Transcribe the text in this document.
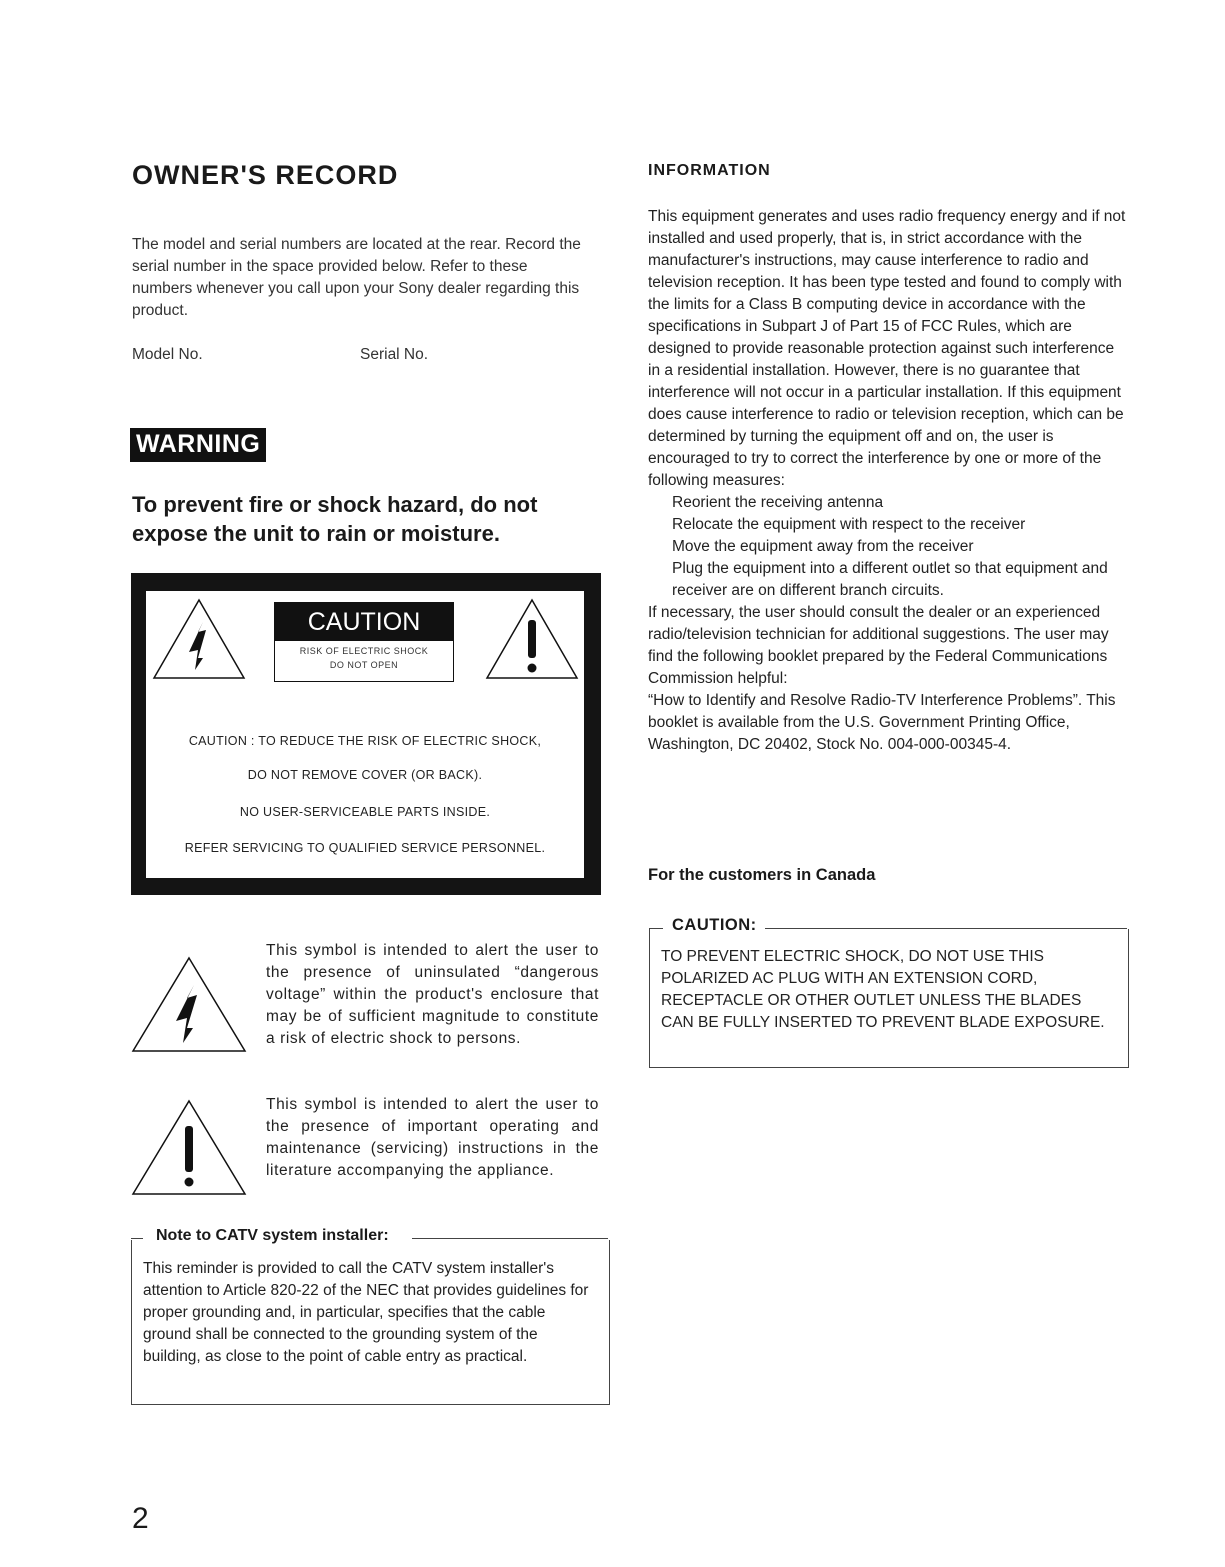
OWNER'S RECORD
The model and serial numbers are located at the rear. Record the serial number in the space provided below. Refer to these numbers whenever you call upon your Sony dealer regarding this product.
Model No.	Serial No.
WARNING
To prevent fire or shock hazard, do not expose the unit to rain or moisture.
CAUTION
RISK OF ELECTRIC SHOCK
DO NOT OPEN
CAUTION : TO REDUCE THE RISK OF ELECTRIC SHOCK,
DO NOT REMOVE COVER (OR BACK).
NO USER-SERVICEABLE PARTS INSIDE.
REFER SERVICING TO QUALIFIED SERVICE PERSONNEL.
This symbol is intended to alert the user to the presence of uninsulated “dangerous voltage” within the product's enclosure that may be of sufficient magnitude to constitute a risk of electric shock to persons.
This symbol is intended to alert the user to the presence of important operating and maintenance (servicing) instructions in the literature accompanying the appliance.
Note to CATV system installer:
This reminder is provided to call the CATV system installer's attention to Article 820-22 of the NEC that provides guidelines for proper grounding and, in particular, specifies that the cable ground shall be connected to the grounding system of the building, as close to the point of cable entry as practical.
2
INFORMATION
This equipment generates and uses radio frequency energy and if not installed and used properly, that is, in strict accordance with the manufacturer's instructions, may cause interference to radio and television reception. It has been type tested and found to comply with the limits for a Class B computing device in accordance with the specifications in Subpart J of Part 15 of FCC Rules, which are designed to provide reasonable protection against such interference in a residential installation. However, there is no guarantee that interference will not occur in a particular installation. If this equipment does cause interference to radio or television reception, which can be determined by turning the equipment off and on, the user is encouraged to try to correct the interference by one or more of the following measures:
Reorient the receiving antenna
Relocate the equipment with respect to the receiver
Move the equipment away from the receiver
Plug the equipment into a different outlet so that equipment and receiver are on different branch circuits.
If necessary, the user should consult the dealer or an experienced radio/television technician for additional suggestions. The user may find the following booklet prepared by the Federal Communications Commission helpful:
“How to Identify and Resolve Radio-TV Interference Problems”. This booklet is available from the U.S. Government Printing Office, Washington, DC 20402, Stock No. 004-000-00345-4.
For the customers in Canada
CAUTION:
TO PREVENT ELECTRIC SHOCK, DO NOT USE THIS POLARIZED AC PLUG WITH AN EXTENSION CORD, RECEPTACLE OR OTHER OUTLET UNLESS THE BLADES CAN BE FULLY INSERTED TO PREVENT BLADE EXPOSURE.
